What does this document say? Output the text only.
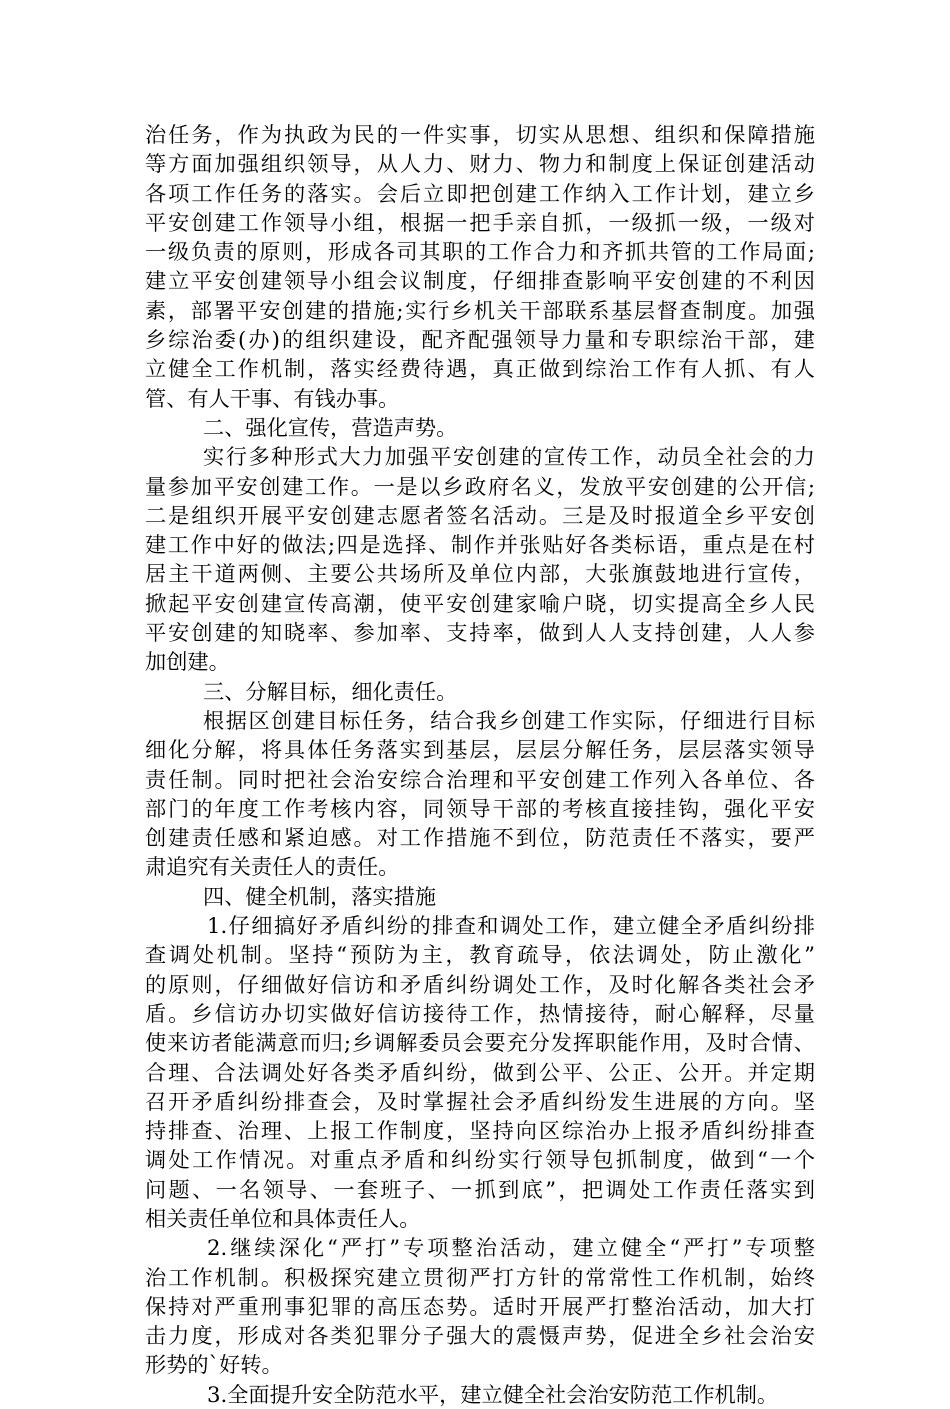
治任务，作为执政为民的一件实事，切实从思想、组织和保障措施
等方面加强组织领导，从人力、财力、物力和制度上保证创建活动
各项工作任务的落实。会后立即把创建工作纳入工作计划，建立乡
平安创建工作领导小组，根据一把手亲自抓，一级抓一级，一级对
一级负责的原则，形成各司其职的工作合力和齐抓共管的工作局面;
建立平安创建领导小组会议制度，仔细排查影响平安创建的不利因
素，部署平安创建的措施;实行乡机关干部联系基层督查制度。加强
乡综治委(办)的组织建设，配齐配强领导力量和专职综治干部，建
立健全工作机制，落实经费待遇，真正做到综治工作有人抓、有人
管、有人干事、有钱办事。
二、强化宣传，营造声势。
实行多种形式大力加强平安创建的宣传工作，动员全社会的力
量参加平安创建工作。一是以乡政府名义，发放平安创建的公开信;
二是组织开展平安创建志愿者签名活动。三是及时报道全乡平安创
建工作中好的做法;四是选择、制作并张贴好各类标语，重点是在村
居主干道两侧、主要公共场所及单位内部，大张旗鼓地进行宣传，
掀起平安创建宣传高潮，使平安创建家喻户晓，切实提高全乡人民
平安创建的知晓率、参加率、支持率，做到人人支持创建，人人参
加创建。
三、分解目标，细化责任。
根据区创建目标任务，结合我乡创建工作实际，仔细进行目标
细化分解，将具体任务落实到基层，层层分解任务，层层落实领导
责任制。同时把社会治安综合治理和平安创建工作列入各单位、各
部门的年度工作考核内容，同领导干部的考核直接挂钩，强化平安
创建责任感和紧迫感。对工作措施不到位，防范责任不落实，要严
肃追究有关责任人的责任。
四、健全机制，落实措施
1.仔细搞好矛盾纠纷的排查和调处工作，建立健全矛盾纠纷排
查调处机制。坚持“预防为主，教育疏导，依法调处，防止激化”
的原则，仔细做好信访和矛盾纠纷调处工作，及时化解各类社会矛
盾。乡信访办切实做好信访接待工作，热情接待，耐心解释，尽量
使来访者能满意而归;乡调解委员会要充分发挥职能作用，及时合情、
合理、合法调处好各类矛盾纠纷，做到公平、公正、公开。并定期
召开矛盾纠纷排查会，及时掌握社会矛盾纠纷发生进展的方向。坚
持排查、治理、上报工作制度，坚持向区综治办上报矛盾纠纷排查
调处工作情况。对重点矛盾和纠纷实行领导包抓制度，做到“一个
问题、一名领导、一套班子、一抓到底”，把调处工作责任落实到
相关责任单位和具体责任人。
2.继续深化“严打”专项整治活动，建立健全“严打”专项整
治工作机制。积极探究建立贯彻严打方针的常常性工作机制，始终
保持对严重刑事犯罪的高压态势。适时开展严打整治活动，加大打
击力度，形成对各类犯罪分子强大的震慑声势，促进全乡社会治安
形势的`好转。
3.全面提升安全防范水平，建立健全社会治安防范工作机制。
